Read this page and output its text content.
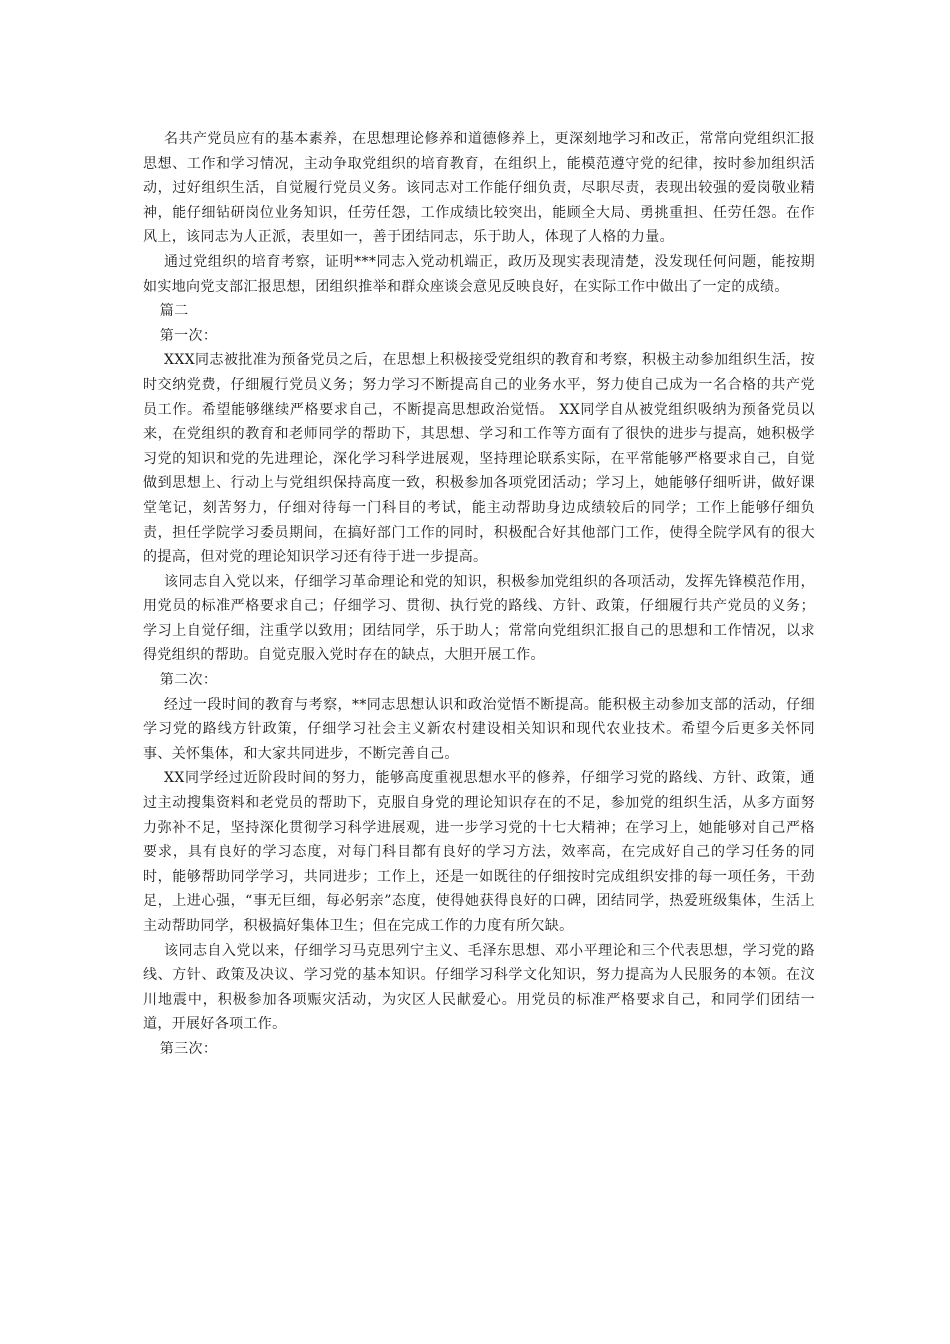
名共产党员应有的基本素养，在思想理论修养和道德修养上，更深刻地学习和改正，常常向党组织汇报思想、工作和学习情况，主动争取党组织的培育教育，在组织上，能模范遵守党的纪律，按时参加组织活动，过好组织生活，自觉履行党员义务。该同志对工作能仔细负责，尽职尽责，表现出较强的爱岗敬业精神，能仔细钻研岗位业务知识，任劳任怨，工作成绩比较突出，能顾全大局、勇挑重担、任劳任怨。在作风上，该同志为人正派，表里如一，善于团结同志，乐于助人，体现了人格的力量。

通过党组织的培育考察，证明***同志入党动机端正，政历及现实表现清楚，没发现任何问题，能按期如实地向党支部汇报思想，团组织推举和群众座谈会意见反映良好，在实际工作中做出了一定的成绩。

篇二

第一次：

XXX同志被批准为预备党员之后，在思想上积极接受党组织的教育和考察，积极主动参加组织生活，按时交纳党费，仔细履行党员义务；努力学习不断提高自己的业务水平，努力使自己成为一名合格的共产党员工作。希望能够继续严格要求自己，不断提高思想政治觉悟。 XX同学自从被党组织吸纳为预备党员以来，在党组织的教育和老师同学的帮助下，其思想、学习和工作等方面有了很快的进步与提高，她积极学习党的知识和党的先进理论，深化学习科学进展观，坚持理论联系实际，在平常能够严格要求自己，自觉做到思想上、行动上与党组织保持高度一致，积极参加各项党团活动；学习上，她能够仔细听讲，做好课堂笔记，刻苦努力，仔细对待每一门科目的考试，能主动帮助身边成绩较后的同学；工作上能够仔细负责，担任学院学习委员期间，在搞好部门工作的同时，积极配合好其他部门工作，使得全院学风有的很大的提高，但对党的理论知识学习还有待于进一步提高。

该同志自入党以来，仔细学习革命理论和党的知识，积极参加党组织的各项活动，发挥先锋模范作用，用党员的标准严格要求自己；仔细学习、贯彻、执行党的路线、方针、政策，仔细履行共产党员的义务；学习上自觉仔细，注重学以致用；团结同学，乐于助人；常常向党组织汇报自己的思想和工作情况，以求得党组织的帮助。自觉克服入党时存在的缺点，大胆开展工作。

第二次：

经过一段时间的教育与考察，**同志思想认识和政治觉悟不断提高。能积极主动参加支部的活动，仔细学习党的路线方针政策，仔细学习社会主义新农村建设相关知识和现代农业技术。希望今后更多关怀同事、关怀集体，和大家共同进步，不断完善自己。

XX同学经过近阶段时间的努力，能够高度重视思想水平的修养，仔细学习党的路线、方针、政策，通过主动搜集资料和老党员的帮助下，克服自身党的理论知识存在的不足，参加党的组织生活，从多方面努力弥补不足，坚持深化贯彻学习科学进展观，进一步学习党的十七大精神；在学习上，她能够对自己严格要求，具有良好的学习态度，对每门科目都有良好的学习方法，效率高，在完成好自己的学习任务的同时，能够帮助同学学习，共同进步；工作上，还是一如既往的仔细按时完成组织安排的每一项任务，干劲足，上进心强，“事无巨细，每必躬亲”态度，使得她获得良好的口碑，团结同学，热爱班级集体，生活上主动帮助同学，积极搞好集体卫生；但在完成工作的力度有所欠缺。

该同志自入党以来，仔细学习马克思列宁主义、毛泽东思想、邓小平理论和三个代表思想，学习党的路线、方针、政策及决议、学习党的基本知识。仔细学习科学文化知识，努力提高为人民服务的本领。在汶川地震中，积极参加各项赈灾活动，为灾区人民献爱心。用党员的标准严格要求自己，和同学们团结一道，开展好各项工作。

第三次：
